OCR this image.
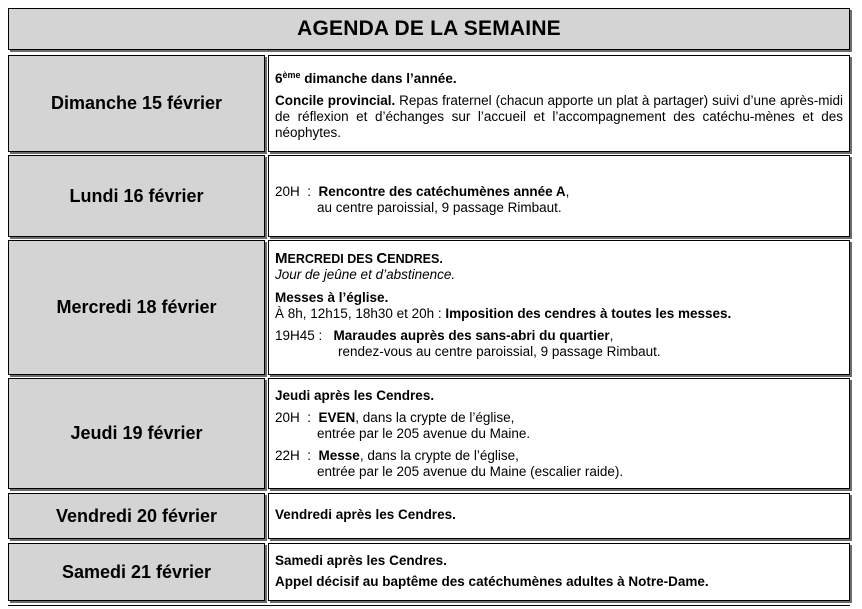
AGENDA DE LA SEMAINE
Dimanche 15 février

6ème dimanche dans l’année.

Concile provincial. Repas fraternel (chacun apporte un plat à partager) suivi d’une après-midi de réflexion et d’échanges sur l’accueil et l’accompagnement des catéchu-mènes et des néophytes.

Lundi 16 février	20H  :  Rencontre des catéchumènes année A,

au centre paroissial, 9 passage Rimbaut.

Mercredi 18 février

MERCREDI DES CENDRES.

Jour de jeûne et d’abstinence.

Messes à l’église.

À 8h, 12h15, 18h30 et 20h : Imposition des cendres à toutes les messes.

19H45 :   Maraudes auprès des sans-abri du quartier,

rendez-vous au centre paroissial, 9 passage Rimbaut.

Jeudi 19 février

Jeudi après les Cendres.

20H  :  EVEN, dans la crypte de l’église,

entrée par le 205 avenue du Maine.

22H  :  Messe, dans la crypte de l’église,

entrée par le 205 avenue du Maine (escalier raide).

Vendredi 20 février	Vendredi après les Cendres.

Samedi 21 février

Samedi après les Cendres.

Appel décisif au baptême des catéchumènes adultes à Notre-Dame.
